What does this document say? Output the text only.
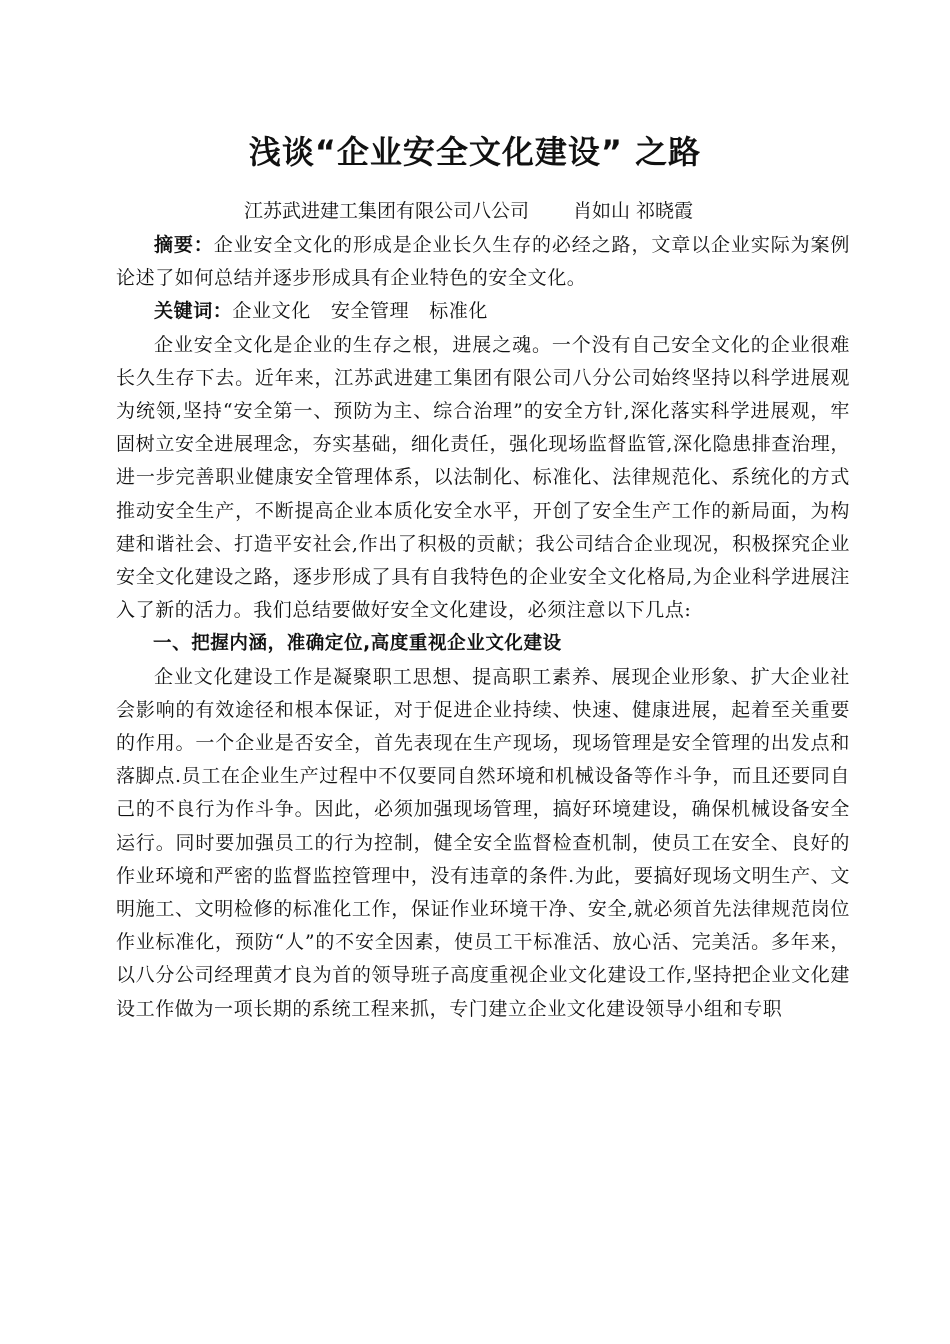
浅谈“企业安全文化建设” 之路

江苏武进建工集团有限公司八公司 肖如山 祁晓霞

摘要：企业安全文化的形成是企业长久生存的必经之路，文章以企业实际为案例论述了如何总结并逐步形成具有企业特色的安全文化。

关键词：企业文化 安全管理 标准化

企业安全文化是企业的生存之根，进展之魂。一个没有自己安全文化的企业很难长久生存下去。近年来，江苏武进建工集团有限公司八分公司始终坚持以科学进展观为统领,坚持“安全第一、预防为主、综合治理”的安全方针,深化落实科学进展观，牢固树立安全进展理念，夯实基础，细化责任，强化现场监督监管,深化隐患排查治理，进一步完善职业健康安全管理体系，以法制化、标准化、法律规范化、系统化的方式推动安全生产，不断提高企业本质化安全水平，开创了安全生产工作的新局面，为构建和谐社会、打造平安社会,作出了积极的贡献；我公司结合企业现况，积极探究企业安全文化建设之路，逐步形成了具有自我特色的企业安全文化格局,为企业科学进展注入了新的活力。我们总结要做好安全文化建设，必须注意以下几点:

一、把握内涵，准确定位,高度重视企业文化建设

企业文化建设工作是凝聚职工思想、提高职工素养、展现企业形象、扩大企业社会影响的有效途径和根本保证，对于促进企业持续、快速、健康进展，起着至关重要的作用。一个企业是否安全，首先表现在生产现场，现场管理是安全管理的出发点和落脚点.员工在企业生产过程中不仅要同自然环境和机械设备等作斗争，而且还要同自己的不良行为作斗争。因此，必须加强现场管理，搞好环境建设，确保机械设备安全运行。同时要加强员工的行为控制，健全安全监督检查机制，使员工在安全、良好的作业环境和严密的监督监控管理中，没有违章的条件.为此，要搞好现场文明生产、文明施工、文明检修的标准化工作，保证作业环境干净、安全,就必须首先法律规范岗位作业标准化，预防“人”的不安全因素，使员工干标准活、放心活、完美活。多年来，以八分公司经理黄才良为首的领导班子高度重视企业文化建设工作,坚持把企业文化建设工作做为一项长期的系统工程来抓，专门建立企业文化建设领导小组和专职
